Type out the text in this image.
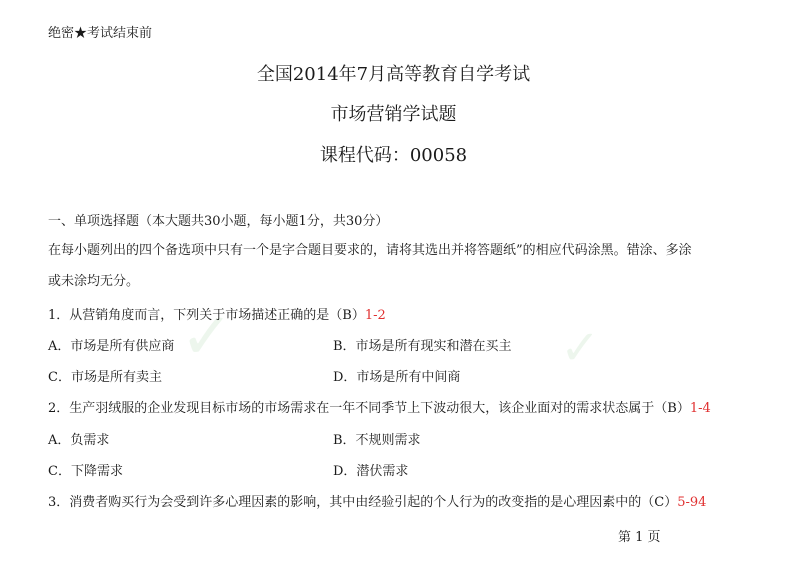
✓	✓
绝密★考试结束前
全国2014年7月高等教育自学考试
市场营销学试题
课程代码：00058
一、单项选择题（本大题共30小题，每小题1分，共30分）
在每小题列出的四个备选项中只有一个是字合题目要求的，请将其选出并将答题纸”的相应代码涂黑。错涂、多涂
或未涂均无分。
1．从营销角度而言，下列关于市场描述正确的是（B）1-2
A．市场是所有供应商	B．市场是所有现实和潜在买主
C．市场是所有卖主	D．市场是所有中间商
2．生产羽绒服的企业发现目标市场的市场需求在一年不同季节上下波动很大，该企业面对的需求状态属于（B）1-4
A．负需求	B．不规则需求
C．下降需求	D．潜伏需求
3．消费者购买行为会受到许多心理因素的影响，其中由经验引起的个人行为的改变指的是心理因素中的（C）5-94
第 1 页
